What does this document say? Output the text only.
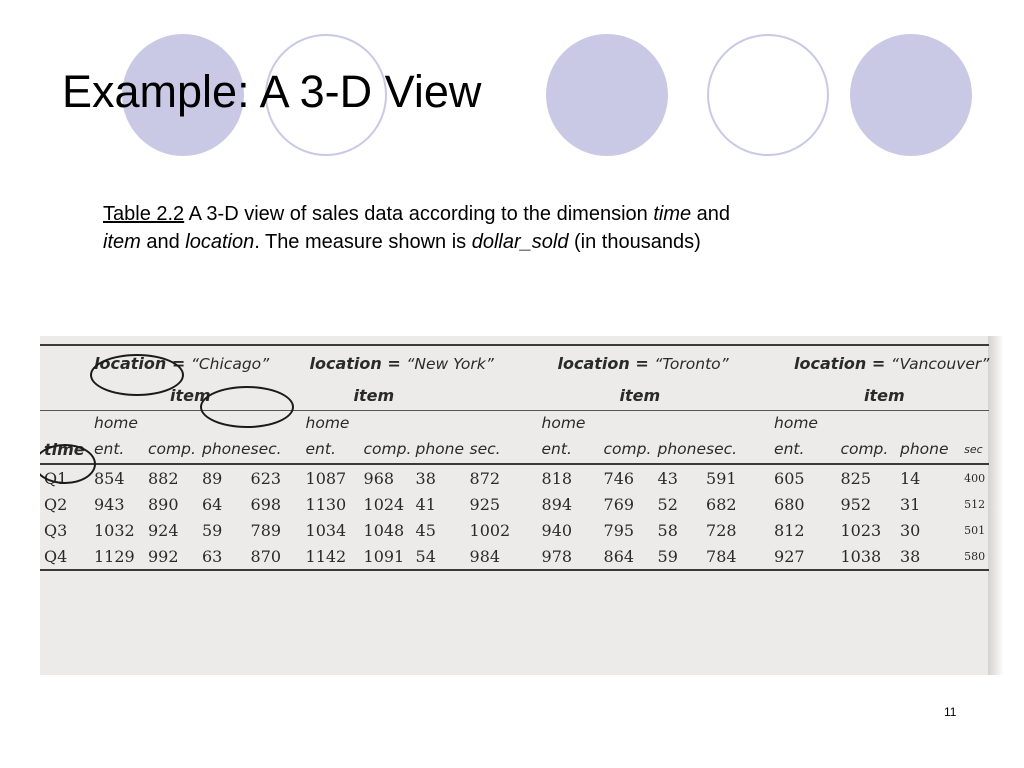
Example: A 3-D View
Table 2.2 A 3-D view of sales data according to the dimension time and
item and location. The measure shown is dollar_sold (in thousands)

location = “Chicago”					location = “New York”				location = “Toronto”				location = “Vancouver”			
	item				item				item				item			
	home				home				home				home			
time	ent.	comp.	phone	sec.	ent.	comp.	phone	sec.	ent.	comp.	phone	sec.	ent.	comp.	phone	sec
Q1	854	882	89	623	1087	968	38	872	818	746	43	591	605	825	14	400
Q2	943	890	64	698	1130	1024	41	925	894	769	52	682	680	952	31	512
Q3	1032	924	59	789	1034	1048	45	1002	940	795	58	728	812	1023	30	501
Q4	1129	992	63	870	1142	1091	54	984	978	864	59	784	927	1038	38	580
11
